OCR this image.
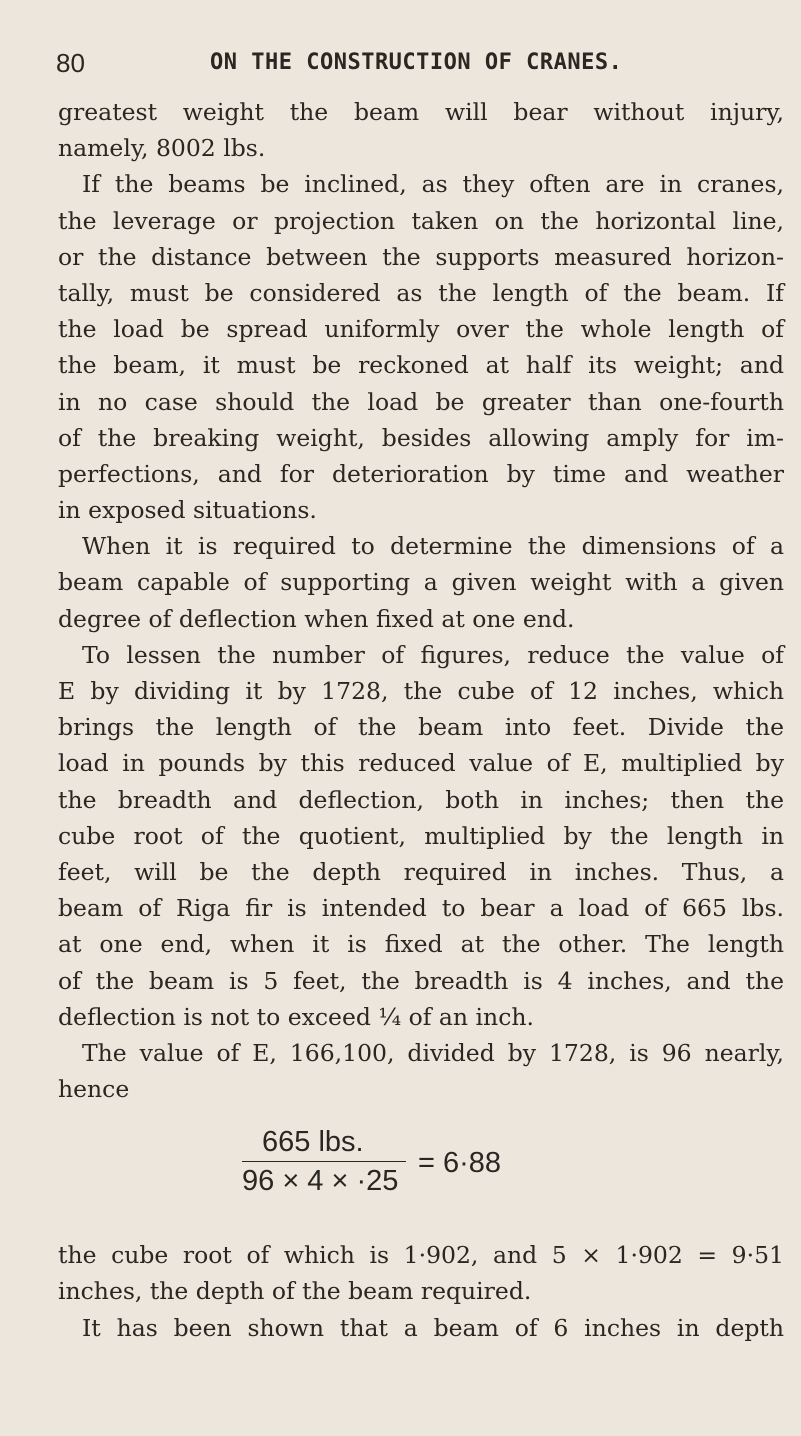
80	ON THE CONSTRUCTION OF CRANES.
greatest weight the beam will bear without injury,
namely, 8002 lbs.
If the beams be inclined, as they often are in cranes,
the leverage or projection taken on the horizontal line,
or the distance between the supports measured horizon-
tally, must be considered as the length of the beam. If
the load be spread uniformly over the whole length of
the beam, it must be reckoned at half its weight; and
in no case should the load be greater than one-fourth
of the breaking weight, besides allowing amply for im-
perfections, and for deterioration by time and weather
in exposed situations.
When it is required to determine the dimensions of a
beam capable of supporting a given weight with a given
degree of deflection when fixed at one end.
To lessen the number of figures, reduce the value of
E by dividing it by 1728, the cube of 12 inches, which
brings the length of the beam into feet. Divide the
load in pounds by this reduced value of E, multiplied by
the breadth and deflection, both in inches; then the
cube root of the quotient, multiplied by the length in
feet, will be the depth required in inches. Thus, a
beam of Riga fir is intended to bear a load of 665 lbs.
at one end, when it is fixed at the other. The length
of the beam is 5 feet, the breadth is 4 inches, and the
deflection is not to exceed ¼ of an inch.
The value of E, 166,100, divided by 1728, is 96 nearly,
hence
665 lbs.
96 × 4 × ·25
= 6·88
the cube root of which is 1·902, and 5 × 1·902 = 9·51
inches, the depth of the beam required.
It has been shown that a beam of 6 inches in depth
